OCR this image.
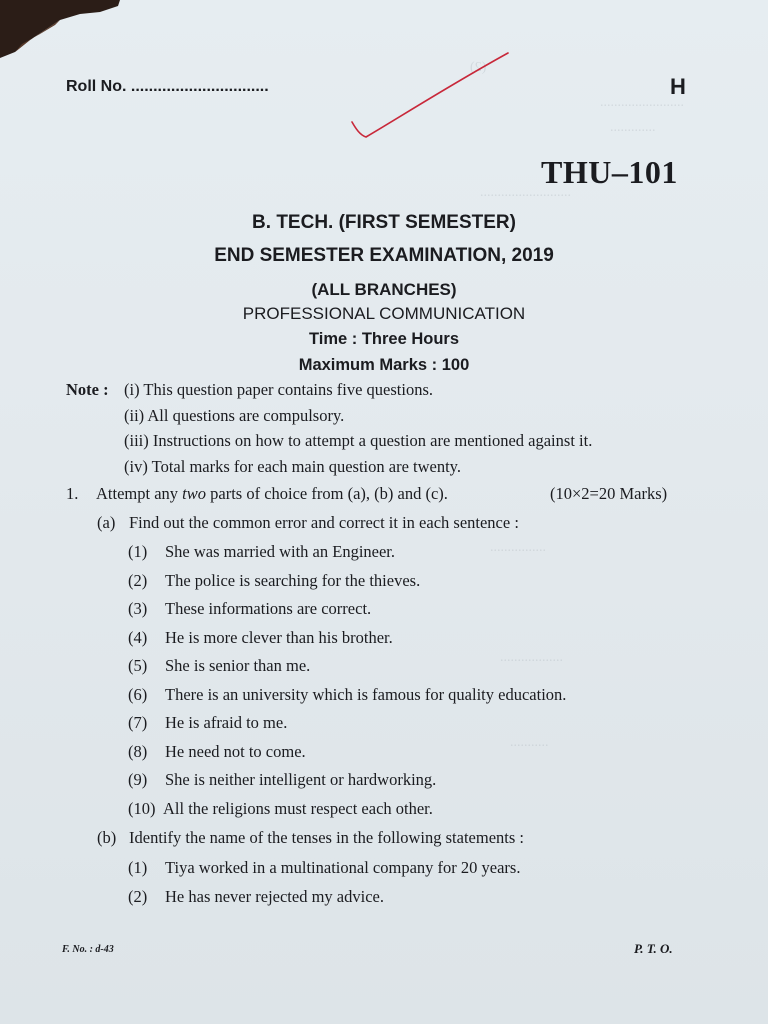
(2)
........................
.............
..........................
................
..................
...........
Roll No. ...............................	H
THU–101
B. TECH. (FIRST SEMESTER)
END SEMESTER EXAMINATION, 2019
(ALL BRANCHES)
PROFESSIONAL COMMUNICATION
Time : Three Hours
Maximum Marks : 100
Note : (i) This question paper contains five questions.
(ii) All questions are compulsory.
(iii) Instructions on how to attempt a question are mentioned against it.
(iv) Total marks for each main question are twenty.
1. Attempt any two parts of choice from (a), (b) and (c).	(10×2=20 Marks)
(a) Find out the common error and correct it in each sentence :
(1) She was married with an Engineer.
(2) The police is searching for the thieves.
(3) These informations are correct.
(4) He is more clever than his brother.
(5) She is senior than me.
(6) There is an university which is famous for quality education.
(7) He is afraid to me.
(8) He need not to come.
(9) She is neither intelligent or hardworking.
(10) All the religions must respect each other.
(b) Identify the name of the tenses in the following statements :
(1) Tiya worked in a multinational company for 20 years.
(2) He has never rejected my advice.
F. No. : d-43	P. T. O.
